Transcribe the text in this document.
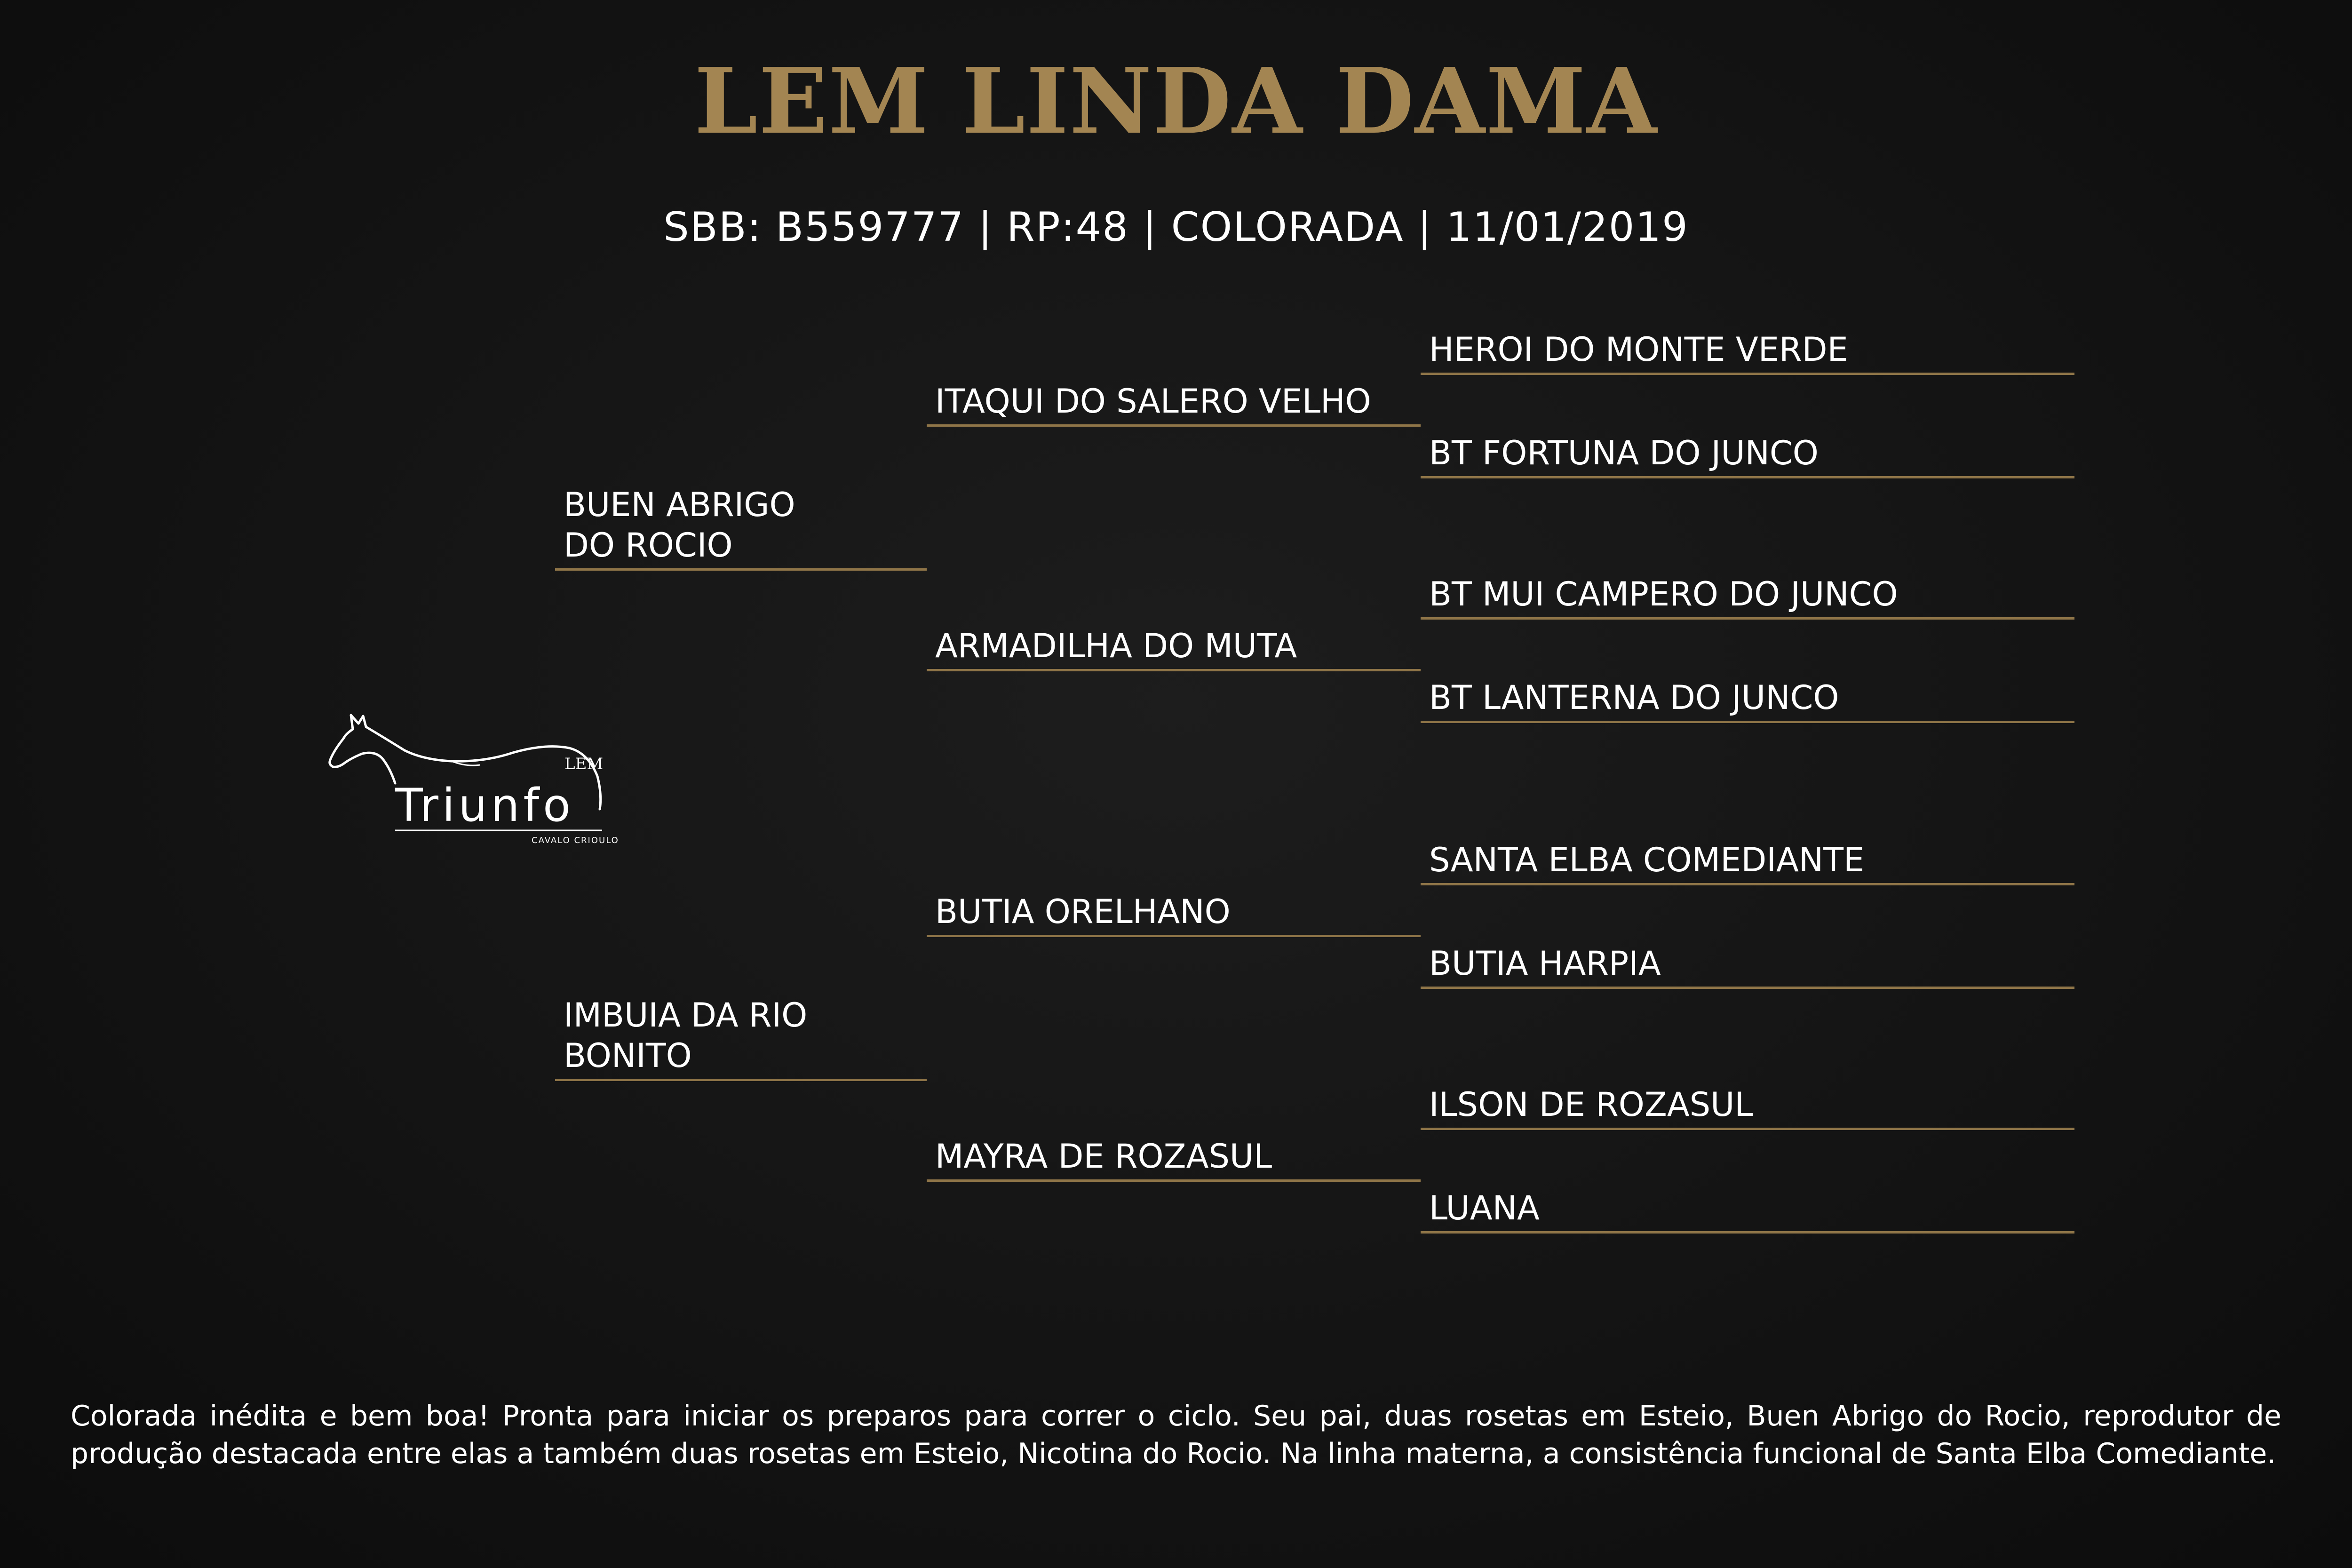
LEM LINDA DAMA
SBB: B559777 | RP:48 | COLORADA | 11/01/2019
LEM
Triunfo
CAVALO CRIOULO
BUEN ABRIGO
DO ROCIO
IMBUIA DA RIO
BONITO
ITAQUI DO SALERO VELHO
ARMADILHA DO MUTA
BUTIA ORELHANO
MAYRA DE ROZASUL
HEROI DO MONTE VERDE
BT FORTUNA DO JUNCO
BT MUI CAMPERO DO JUNCO
BT LANTERNA DO JUNCO
SANTA ELBA COMEDIANTE
BUTIA HARPIA
ILSON DE ROZASUL
LUANA

Colorada inédita e bem boa! Pronta para iniciar os preparos para correr o ciclo. Seu pai, duas rosetas em Esteio, Buen Abrigo do Rocio, reprodutor de produção destacada entre elas a também duas rosetas em Esteio, Nicotina do Rocio. Na linha materna, a consistência funcional de Santa Elba Comediante.
